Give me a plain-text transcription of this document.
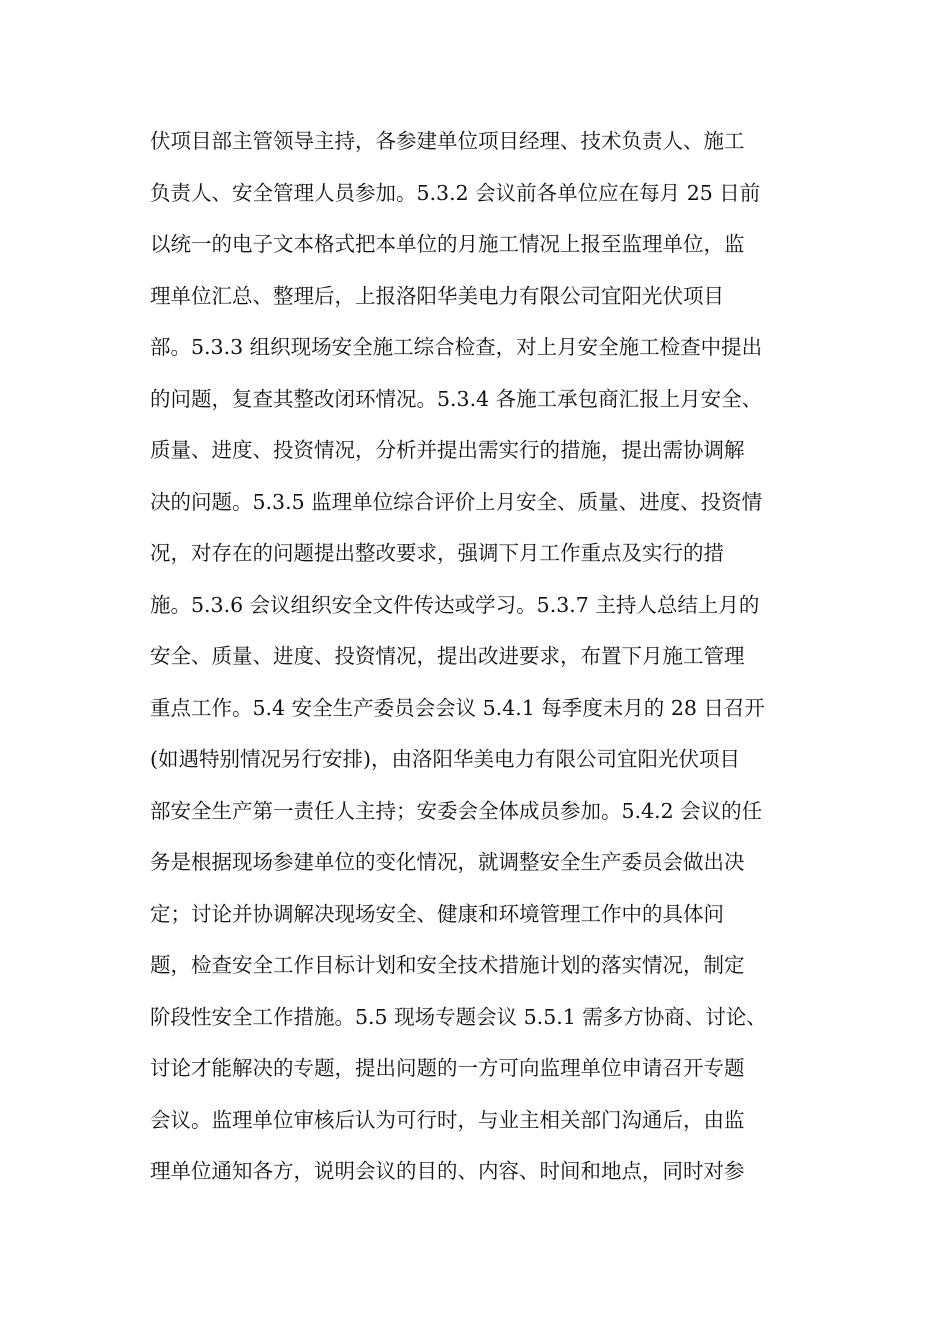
伏项目部主管领导主持，各参建单位项目经理、技术负责人、施工
负责人、安全管理人员参加。5.3.2 会议前各单位应在每月 25 日前
以统一的电子文本格式把本单位的月施工情况上报至监理单位，监
理单位汇总、整理后，上报洛阳华美电力有限公司宜阳光伏项目
部。5.3.3 组织现场安全施工综合检查，对上月安全施工检查中提出
的问题，复查其整改闭环情况。5.3.4 各施工承包商汇报上月安全、
质量、进度、投资情况，分析并提出需实行的措施，提出需协调解
决的问题。5.3.5 监理单位综合评价上月安全、质量、进度、投资情
况，对存在的问题提出整改要求，强调下月工作重点及实行的措
施。5.3.6 会议组织安全文件传达或学习。5.3.7 主持人总结上月的
安全、质量、进度、投资情况，提出改进要求，布置下月施工管理
重点工作。5.4 安全生产委员会会议 5.4.1 每季度未月的 28 日召开
(如遇特别情况另行安排)，由洛阳华美电力有限公司宜阳光伏项目
部安全生产第一责任人主持；安委会全体成员参加。5.4.2 会议的任
务是根据现场参建单位的变化情况，就调整安全生产委员会做出决
定；讨论并协调解决现场安全、健康和环境管理工作中的具体问
题，检查安全工作目标计划和安全技术措施计划的落实情况，制定
阶段性安全工作措施。5.5 现场专题会议 5.5.1 需多方协商、讨论、
讨论才能解决的专题，提出问题的一方可向监理单位申请召开专题
会议。监理单位审核后认为可行时，与业主相关部门沟通后，由监
理单位通知各方，说明会议的目的、内容、时间和地点，同时对参
